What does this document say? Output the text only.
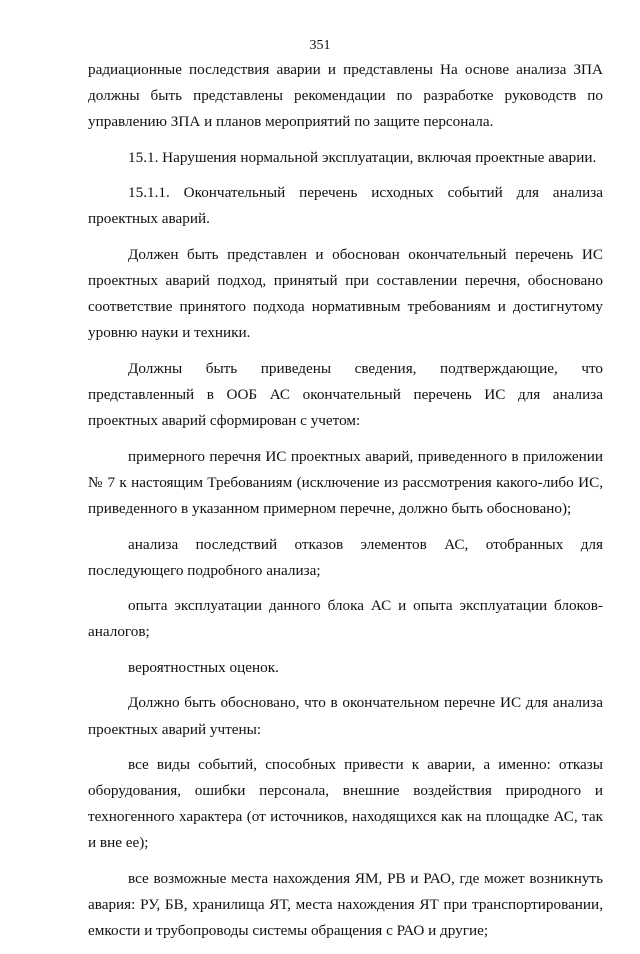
351

радиационные последствия аварии и представлены На основе анализа ЗПА должны быть представлены рекомендации по разработке руководств по управлению ЗПА и планов мероприятий по защите персонала.

15.1. Нарушения нормальной эксплуатации, включая проектные аварии.

15.1.1. Окончательный перечень исходных событий для анализа проектных аварий.

Должен быть представлен и обоснован окончательный перечень ИС проектных аварий подход, принятый при составлении перечня, обосновано соответствие принятого подхода нормативным требованиям и достигнутому уровню науки и техники.

Должны быть приведены сведения, подтверждающие, что представленный в ООБ АС окончательный перечень ИС для анализа проектных аварий сформирован с учетом:

примерного перечня ИС проектных аварий, приведенного в приложении № 7 к настоящим Требованиям (исключение из рассмотрения какого-либо ИС, приведенного в указанном примерном перечне, должно быть обосновано);

анализа последствий отказов элементов АС, отобранных для последующего подробного анализа;

опыта эксплуатации данного блока АС и опыта эксплуатации блоков-аналогов;

вероятностных оценок.

Должно быть обосновано, что в окончательном перечне ИС для анализа проектных аварий учтены:

все виды событий, способных привести к аварии, а именно: отказы оборудования, ошибки персонала, внешние воздействия природного и техногенного характера (от источников, находящихся как на площадке АС, так и вне ее);

все возможные места нахождения ЯМ, РВ и РАО, где может возникнуть авария: РУ, БВ, хранилища ЯТ, места нахождения ЯТ при транспортировании, емкости и трубопроводы системы обращения с РАО и другие;
